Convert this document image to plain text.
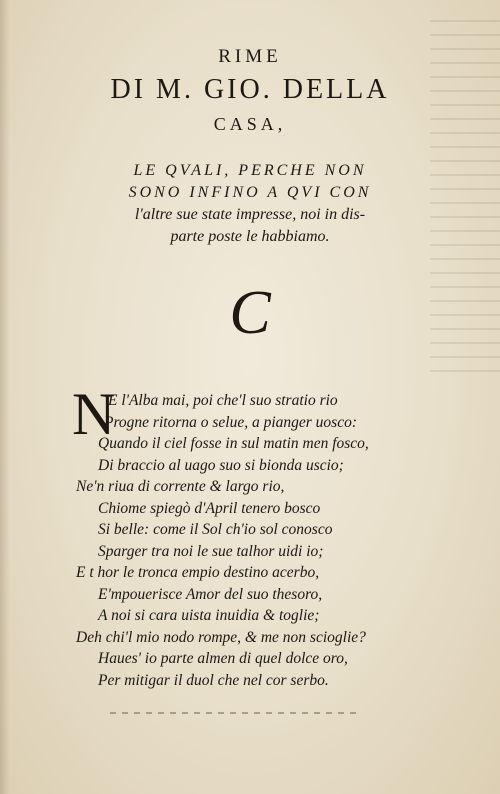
RIME
DI M. GIO. DELLA
CASA,
LE QVALI, PERCHE NON
SONO INFINO A QVI CON
l'altre sue state impresse, noi in dis-
parte poste le habbiamo.
C
N
E l'Alba mai, poi che'l suo stratio rio
Progne ritorna o selue, a pianger uosco:
Quando il ciel fosse in sul matin men fosco,
Di braccio al uago suo si bionda uscio;
Ne'n riua di corrente & largo rio,
Chiome spiegò d'April tenero bosco
Si belle: come il Sol ch'io sol conosco
Sparger tra noi le sue talhor uidi io;
E t hor le tronca empio destino acerbo,
E'mpouerisce Amor del suo thesoro,
A noi si cara uista inuidia & toglie;
Deh chi'l mio nodo rompe, & me non scioglie?
Haues' io parte almen di quel dolce oro,
Per mitigar il duol che nel cor serbo.
